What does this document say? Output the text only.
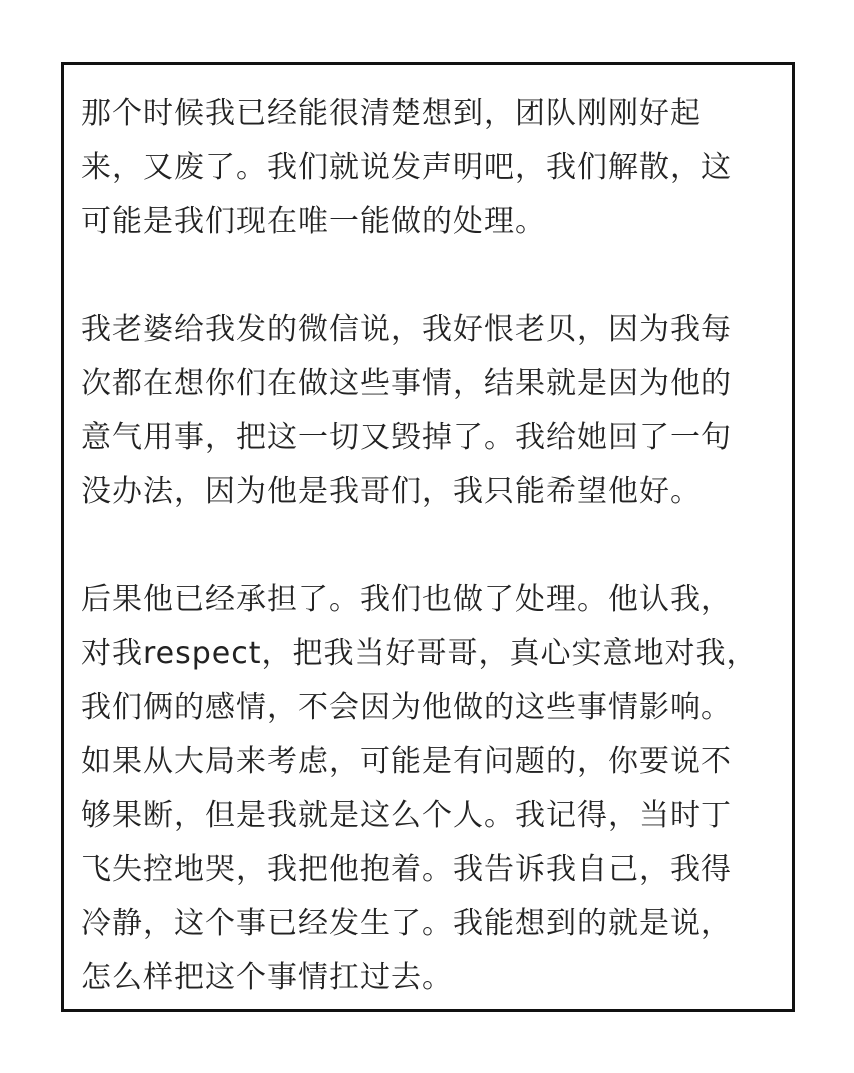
那个时候我已经能很清楚想到，团队刚刚好起
来，又废了。我们就说发声明吧，我们解散，这
可能是我们现在唯一能做的处理。
我老婆给我发的微信说，我好恨老贝，因为我每
次都在想你们在做这些事情，结果就是因为他的
意气用事，把这一切又毁掉了。我给她回了一句
没办法，因为他是我哥们，我只能希望他好。
后果他已经承担了。我们也做了处理。他认我，
对我respect，把我当好哥哥，真心实意地对我，
我们俩的感情，不会因为他做的这些事情影响。
如果从大局来考虑，可能是有问题的，你要说不
够果断，但是我就是这么个人。我记得，当时丁
飞失控地哭，我把他抱着。我告诉我自己，我得
冷静，这个事已经发生了。我能想到的就是说，
怎么样把这个事情扛过去。
